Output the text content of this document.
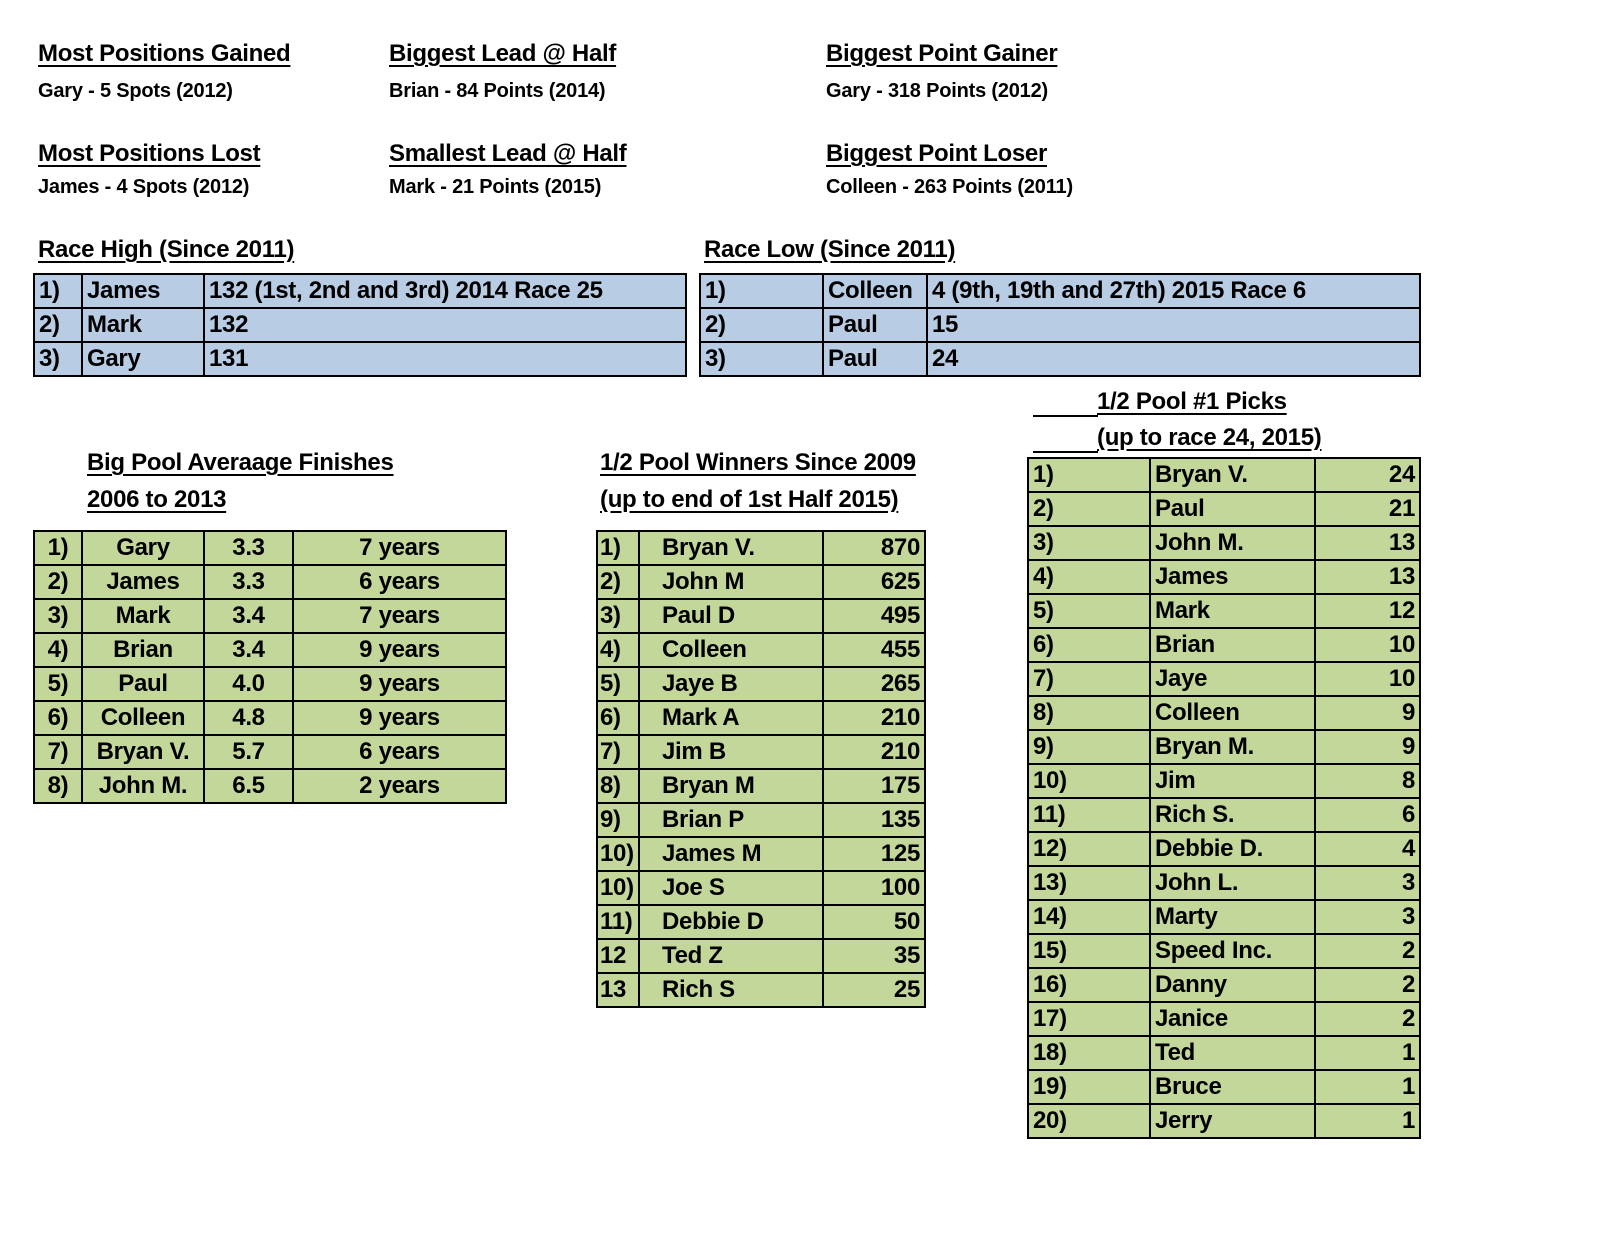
Most Positions Gained
Gary - 5 Spots (2012)
Most Positions Lost
James - 4 Spots (2012)
Biggest Lead @ Half
Brian - 84 Points (2014)
Smallest Lead @ Half
Mark - 21 Points (2015)
Biggest Point Gainer
Gary - 318 Points (2012)
Biggest Point Loser
Colleen - 263 Points (2011)
Race High (Since 2011)
1)	James	132 (1st, 2nd and 3rd) 2014 Race 25
2)	Mark	132
3)	Gary	131
Race Low (Since 2011)
1)	Colleen	4 (9th, 19th and 27th) 2015 Race 6
2)	Paul	15
3)	Paul	24
Big Pool Averaage Finishes
2006 to 2013
1)	Gary	3.3	7 years
2)	James	3.3	6 years
3)	Mark	3.4	7 years
4)	Brian	3.4	9 years
5)	Paul	4.0	9 years
6)	Colleen	4.8	9 years
7)	Bryan V.	5.7	6 years
8)	John M.	6.5	2 years
1/2 Pool Winners Since 2009
(up to end of 1st Half 2015)
1)	Bryan V.	870
2)	John M	625
3)	Paul D	495
4)	Colleen	455
5)	Jaye B	265
6)	Mark A	210
7)	Jim B	210
8)	Bryan M	175
9)	Brian P	135
10)	James M	125
10)	Joe S	100
11)	Debbie D	50
12	Ted Z	35
13	Rich S	25
1/2 Pool #1 Picks
(up to race 24, 2015)
1)	Bryan V.	24
2)	Paul	21
3)	John M.	13
4)	James	13
5)	Mark	12
6)	Brian	10
7)	Jaye	10
8)	Colleen	9
9)	Bryan M.	9
10)	Jim	8
11)	Rich S.	6
12)	Debbie D.	4
13)	John L.	3
14)	Marty	3
15)	Speed Inc.	2
16)	Danny	2
17)	Janice	2
18)	Ted	1
19)	Bruce	1
20)	Jerry	1
